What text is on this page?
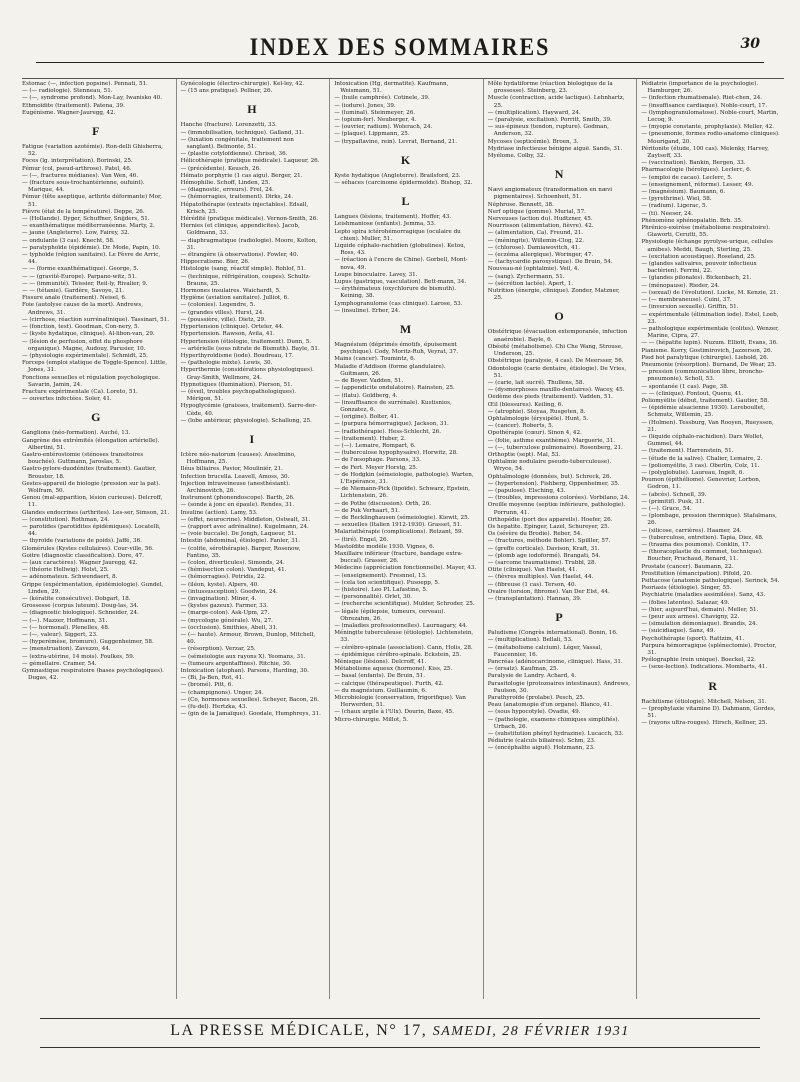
INDEX DES SOMMAIRES	30
Estomac (—, infection popsine). Pennati, 51.
— (— radiologie). Stenneau, 51.
— (—, syndrome profond). Mon-Lay, Iwanisko 40.
Ethmoïdite (traitement). Patena, 39.
Eugénisme. Wagner-Jauregg, 42.
F
Fatigue (variation azotémie). Ron-delli Ghisberra, 52.
Foces (lg. interprétation). Borinski, 25.
Fémur (col, pseud-arthrose). Patel, 46.
— (—, fractures médianes). Van Wen, 46.
— (fracture sous-trochantérienne, oufuint). Marique, 44.
Fémur (tête aseptique, arthrite déformante) Mor, 51.
Fièvre (état de la température). Deppe, 26.
— (Hollande). Dyger, Schuffner, Snijders, 51.
— exanthématique méditerranéenne. Marty, 2.
— jaune (Angleterre). Low, Fairey, 32.
— ondulante (3 cas). Knecht, 58.
— paratyphoïde (épidémie). Dr. Mode, Papin, 10.
— typhoïde (région sanitaire). Le Fèvre de Arric, 44.
— — (forme exanthématique). George, 5.
— — (gravité-Europe). Parpano-witz, 51.
— — (immunité). Teissier, Reil-ly, Rivalier, 9.
— — (tétanie). Gardère, Savoye, 21.
Fissure anale (traitement). Neisel, 6.
Foie (autolyse cause de la mort). Andrews, Andrews, 31.
— (cirrhose, réaction surrénalinique). Tassinari, 51.
— (fonction, test). Goodman, Con-nery, 5.
— (kyste hydatique, clinique). Al-libon-van, 29.
— (lésion de perfusion, effet du phosphore organique). Magne, Audouy, Parusier, 10.
— (physiologie expérimentale). Schmidt, 25.
Forceps (emploi statique de Toggle-Spence). Little, Jones, 31.
Fonctions sexuelles et régulation psychologique. Savarin, Jamin, 24.
Fracture expérimentale (Ca). Loreto, 51.
— ouvertes infectées. Soler, 41.
G
Ganglions (néo-formation). Auché, 13.
Gangrène des extrémités (élongation artérielle). Albertini, 51.
Gastro-entérostomie (sténoses transitoires bouchée). Guttmann, Jaroslas, 5.
Gastro-pylore-duodénites (traitement). Gautier, Brouster, 18.
Gestes-appareil de biologie (pression sur la pat). Wolfram, 50.
Genou (mal-apparition, lésion curieuse). Delcroff, 11.
Glandes endocrines (arthrites). Les-ser, Simson, 21.
— (constitution). Rothman, 24.
— parotides (parotidites épidémiques). Locatelli, 44.
— thyroïde (variations de poids). Jaffé, 36.
Glomérules (Kystes cellulaires). Cour-ville, 56.
Goitre (diagnostic classification). Dore, 47.
— (aux caractères). Wagner Jauregg, 42.
— (théorie Hellwig). Holst, 25.
— adénomateux. Schwendaert, 8.
Grippe (expérimentation, épidémiologie). Gundel, Linden, 29.
— (kératite consécutive). Dobgart, 18.
Grossesse (corpus luteum). Doug-las, 34.
— (diagnostic biologique). Schneider, 24.
— (—). Mazzer, Hoffmann, 31.
— (— hormonal). Plenelles, 48.
— (—, valeur). Siggert, 23.
— (hyperémèse, bromure). Guggenheimer, 58.
— (menstruation). Zavezzo, 44.
— (extra-utérine, 14 mois). Foulkes, 59.
— gémellaire. Cramer, 54.
Gymnastique respiratoire (bases psychologiques). Dugas, 42.
Gynécologie (électro-chirurgie). Kel-ley, 42.
— (15 ans pratique). Pellner, 26.
H
Hanche (fracture). Lorenzetti, 33.
— (immobilisation, technique). Galland, 31.
— (luxation congénitale, traitement non sanglant). Belmonte, 51.
— (plastie cotyloïdienne). Chrisst, 36.
Hélicothérapie (pratique médicale). Laqueur, 26.
— (précédente). Keusch, 26.
Hémato porphyrie (1 cas aigu). Berger, 21.
Hémophilie. Schoff, Linden, 25.
— (diagnostic, erreurs). Frel, 24.
— (hémorragies, traitement). Dirks, 24.
Hépatothérapie (extraits injectables). Edsall, Krisch, 25.
Hérédité (pratique médicale). Vernon-Smith, 26.
Hernies (et clinique, appendicites). Jacob, Goldmann, 33.
— diaphragmatique (radiologie). Moore, Kolton, 31.
— étrangère (à observations). Fowler, 40.
Hippocratisme. Bier, 26.
Histologie (sang, réactif simple). Rohlof, 51.
— (technique, réfrigération, coupes). Schultz-Brauns, 25.
Hormones insulaires. Waichardt, 5.
Hygiène (aviation sanitaire). Julliot, 6.
— (colonies). Legendre, 5.
— (grandes villes). Hurst, 24.
— (poussière, ville). Dietz, 29.
Hypertension (clinique). Orteler, 44.
Hypertension. Rawson, Avila, 41.
Hypertension (étiologie, traitement). Dunn, 5.
— artérielle (sous nitrate de Bismuth). Bayle, 51.
Hyperthyroïdisme (iode). Boudreau, 17.
— (pathologie mixte). Lewis, 30.
Hyperthermie (considérations physiologiques). Gray-Smith, Wellmore, 24.
Hypnotiques (flumination). Pierson, 51.
— (éveil, troubles psychopathologiques). Mérigon, 51.
Hypoglycémie (graisses, traitement). Sarre-der-Cède, 40.
— (lobe antérieur, physiologie). Schallong, 25.
I
Ictère néo-natorum (causes). Anselmino, Hoffmann, 25.
Iléus biliaires. Pavior, Mouliniér, 21.
Infection brucella. Leavell, Amoss, 30.
Injection intraveineuse (anesthésiant). Archinovitch, 26.
Instrument (phonendoscope). Barth, 26.
— (sonde à jonc en épaule). Rendes, 31.
Insuline (action). Lamy, 53.
— (effet, neurocrine). Middleton, Ostwalt, 31.
— (rapport avec adrénaline). Kugelmann, 24.
— (voie buccale). De Jongh, Laqueur, 51.
Intestin (abdominal, étiologie). Fanler, 31.
— (colite, sérothérapie). Barger, Rosenow, Fantino, 35.
— (colon, diverticules). Simonds, 24.
— (hémisection colon). Vandeput, 41.
— (hémorragies). Petridis, 22.
— (iléon, kyste). Alpers, 40.
— (intussusception). Goodwin, 24.
— (invagination). Miner, 4.
— (kystes gazeux). Farmer, 33.
— (marge-colon). Ask-Upm, 27.
— (mycologie générale). Wu, 27.
— (occlusion). Smithies, Abell, 31.
— (— haute). Armour, Brown, Dunlop, Mitchell, 40.
— (résorption). Verzar, 25.
— (sémeiologie aux rayons X). Yeomans, 31.
— (tumeurs argentaffines). Ritchie, 30.
Intoxication (atophan). Parsons, Harding, 30.
— (Bi, Ja-Ben, Rot, 41.
— (bromé). Pitt, 6.
— (champignons). Unger, 24.
— (Co, hormones sexuelles). Scheyer, Bacon, 26.
— (fu-del). Hertzka, 43.
— (gin de la Jamaïque). Goodale, Humphreys, 31.
Intoxication (Hg, dermatite). Kaufmann, Weismann, 51.
— (huile camphrée). Cotinele, 39.
— (iodure). Jones, 39.
— (luminal). Steinmeyer, 26.
— (opium-fer). Neuberger, 4.
— (ouvrier, radium). Wolerach, 24.
— (plaque). Lippmann, 25.
— (trypaflavine, rein). Levrat, Bernand, 21.
K
Kyste hydatique (Angleterre). Brailsford, 23.
— séhaces (carcinome épidermoïde). Bishop, 32.
L
Langues (lésions, traitement). Hoffer, 43.
Leishmaniose (enfants). Jemma, 53.
Lepto spira ictérohémorragique (oculaire du chien). Muller, 51.
Liquide céphalo-rachidien (globulines). Ketou, Ross, 43.
— (réaction à l'encre de Chine). Gorbell, Mont-nova, 49.
Loupe binoculaire. Lavey, 31.
Lupus (gastrique, vasculation). Bett-mann, 34.
— érythémateux (oxychlorure de bismuth). Keining, 38.
Lymphogranulome (cas clinique). Larose, 53.
— (insuline). Erber, 24.
M
Magnésium (déprimés émotifs, épuisement psychique). Cody, Moritz-Ruh, Veyrat, 37.
Mains (cancer). Toumintz, 6.
Maladie d'Addison (forme glandulaire). Guitmann, 26.
— de Boyer. Vadden, 51.
— (appendicite ondulatoire). Rainsten, 25.
— (flatu). Goldberg, 4.
— (insuffisance de surrénale). Kustisnios, Gonzatez, 6.
— (origine). Bolter, 41.
— (purpura hémorragique). Jackson, 31.
— (radiothérapie). Hess-Schlecht, 26.
— (traitement). Huber, 2.
— (—). Lemaire, Rompart, 6.
— (tuberculose hypophysaire). Horwitz, 28.
— de l'œsophage. Parsons, 33.
— de Fert. Meyer Horstg, 25.
— de Hodgkin (sémeiologie, pathologie). Warten, L'Espérance, 31.
— de Niemann-Pick (lipoïde). Schwarz, Epstein, Lichtenstein, 26.
— de Pothe (discussion). Orth, 26.
— de Puk Verhaart, 51.
— de Recklinghausen (sémeiologie). Kiewit, 25.
— sexuelles (Italien 1912-1930). Grasset, 51.
Malariathérapie (complications). Retzant, 59.
— (tiré). Engel, 26.
Mastoïdite modèle 1930. Vignes, 6.
Maxillaire inférieur (fracture, bandage extra-buccal). Grasser, 26.
Médecine (appréciation fonctionnelle). Mayer, 43.
— (enseignement). Fresnnel, 13.
— (cela ton scientifique). Pusoepp, 5.
— (histoire). Leo PL Lafastine, 5.
— (personnalité). Orlet, 30.
— (recherche scientifique). Mulder, Schroder, 25.
— légale (épilepsie, tumeurs, cerveau). Obrezahm, 26.
— (maladies professionnelles). Laurnagary, 44.
Méningite tuberculeuse (étiologie). Lichtenstein, 33.
— cérébro-spinale (association). Cann, Holis, 28.
— épidémique cérébro-spinale. Eckstein, 25.
Ménisque (lésions). Delcroff, 41.
Métabolisme aqueux (hormone). Kiss, 25.
— basal (enfants). De Bruin, 51.
— calcique (thérapeutique). Furth, 42.
— du magnésium. Guillaumin, 6.
Microbiologie (conservation, frigorifique). Van Herwerden, 51.
— (chaux argile à l'Ulx). Dourin, Baxe, 45.
Micro-chirurgie. Millot, 5.
Môle hydatiforme (réaction biologique de la grossesse). Steinberg, 23.
Muscle (contraction, acide lactique). Lehnhartz, 25.
— (multiplication). Hayward, 24.
— (paralysie, excitation). Porritt, Smith, 39.
— sus-épineux (tendon, rupture). Godman, Anderson, 32.
Mycoses (septicémie). Broen, 3.
Mydriase infectieuse bénigne aiguë. Sands, 31.
Myélome. Colby, 32.
N
Nævi angiomateux (transformation en nævi pigmentaires). Schoenheit, 51.
Néphrose. Bennett, 38.
Nerf optique (gomme). Murial, 57.
Nerveuses (action du). Hudtzner, 45.
Nourrisson (alimentation, fièvre). 42.
— (alimentation, Ca). Freund, 21.
— (méningite). Willemin-Clog, 22.
— (chlorose). Damiawovitch, 41.
— (eczéma allergique). Woringer, 47.
— (tachycardie paroxystique). De Bruin, 54.
Nouveau-né (ophtalmie). Veil, 4.
— (sang). Zychermann, 51.
— (sécrétion lactée). Apert, 1.
Nutrition (énergie, clinique). Zonder, Matzner, 25.
O
Obstétrique (évacuation extemporanée, infection anaérobie). Bayle, 6.
Obésité (métabolisme). Chi Che Wang, Strouse, Underson, 25.
Obstétrique (paralysie, 4 cas). De Meersser, 56.
Odontologie (carie dentaire, étiologie). De Vries, 51.
— (carie, lait sucré). Thullens, 58.
— (dysmorphoses maxillo-dentaires). Wacey, 45.
Oedème des pieds (traitement). Vadden, 51.
Œil (blessures). Keiling, 6.
— (atrophie). Stoyaa, Rusgeten, 8.
Ophtalmologie (érysipèle). Hunt, 5.
— (cancer). Roberts, 5.
Opothérapie (cœur). Sinon 4, 42.
— (folie, asthme exanthème). Marguerie, 31.
— (—, tuberculose pulmonaire). Rosenberg, 21.
Orthoptie (sept). Mal, 53.
Ophtalmie nodulaire pseudo-tuberculeuse). Wryce, 54.
Ophtalmologie (données, but). Schreck, 26.
— (hypertension). Fishberg, Oppenheimer, 35.
— (papulose). Elsching, 43.
— (troubles, impressions colorées). Vorbilano, 24.
Oreille moyenne (septiœ inférieure, pathologie). Porrunn, 41.
Orthopédie (port des appareils). Hoefer, 26.
Os hepatite. Epinger, Lazel, Schureyer, 25.
Os (sévère du Brodie). Reber, 54.
— (fractures, méthode Bohler). Spilller, 57.
— (greffe corticale). Davison, Kraft, 31.
— (plomb age iodoformé). Brangati, 54.
— (sarcome traumatisme). Trubbl, 28.
Otite (clinique). Van Haelst, 41.
— (fièvres multiples). Van Haelst, 44.
— (fibreuse (1 cas). Terson, 40.
Ovaire (torsion, fibrome). Van Der Elst, 44.
— (transplantation). Hannan, 39.
P
Paludisme (Congrès international). Bonin, 16.
— (multiplication). Bellali, 53.
— (métabolisme calcium). Léger, Vassal, Faucennier, 16.
Pancréas (adénocarcinome, clinique). Hass, 31.
— (ersatz). Kaufman, 25.
Paralysie de Landry. Achard, 4.
Parasitologie (protozoaires intestinaux). Andrews, Paulson, 30.
Parathyroïde (prolabe). Pesch, 25.
Peau (anatomopie d'un organe). Blanco, 41.
— (sous hypocotyle). Ovadie, 49.
— (pathologie, examens chimiques simplifiés). Urbach, 26.
— (substitution phényl hydrazine). Lucacch, 53.
Pédiatrie (calculs biliaires). Schm, 23.
— (encéphalite aiguë). Holzmann, 23.
Pédiatrie (importance de la psychologie). Hamburger, 26.
— (infection rhumatismale). Riet-chen, 24.
— (insuffisance cardiaque). Noble-court, 17.
— (lymphogranulomatose). Noble-court, Martin, Lecoq, 9.
— (myopie constante, prophylaxie). Meller, 42.
— (pneumonie, formes rodio-anatomo cliniques). Mourigand, 20.
Péritonite (étude, 100 cas). Melenky, Harvey, Zaytseff, 33.
— (vaccination). Bankin, Bergen, 33.
Pharmacologie (héroïques). Leclerc, 6.
— (emploi de cacao). Leclerc, 5.
— (enseignement, réforme). Lesser, 49.
— (magnésium). Baumann, 6.
— (pyrethrine). Wiel, 58.
— (radium). Ligerac, 5.
— (ti). Neeser, 24.
Phénomène sphénopalatin. Brb. 35.
Phrénico-exérèse (métabolisme respiratoire). Giaworti, Cerutti, 55.
Physiologie (échange pyrolyse-urique, cellules amibes). Meddi, Baugh, Sterling, 25.
— (excitation acoustique). Roseland, 25.
— (glandes salivaires, pouvoir infectieux bactérien). Ferrini, 22.
— (glandes pilonales). Bickenbach, 21.
— (ménopause). Rieder, 24.
— (sexual) de l'évolution). Lucke, M. Kenzie, 21.
— (— membraneuse). Cuini, 37.
— (inversion sexuelle). Griffin, 51.
— expérimentale (élimination iode). Estel, Loeb, 23.
— pathologique expérimentale (colites). Wenzer, Marine, Cipra, 27.
— — (hépatite lupin). Nuzum. Elliott, Evans, 36.
Pianisme. Korry, Gostimirovich, Jazzerson, 26.
Pied bot paralytique (chirurgie). Liebold, 26.
Pneumonie (résorption). Burnand, De Wear, 25.
— pression (communication libre, broncho-pneumonie). Scholl, 53.
— spontanée (1 cas). Page, 38.
— — (clinique). Fontout, Quenu, 41.
Poliomyélite (début, traitement). Gautier, 58.
— (épidémie alsacienne 1930). Lereboullet, Schmutz, Willemin, 25.
— (Holmen). Tessburg, Van Rooyen, Rueyssen, 21.
— (liquide céphalo-rachidien). Dars Wollet, Gummel, 44.
— (traitement). Harrenstein, 51.
— (étude de la salive). Chalier, Lemaire, 2.
— (poliomyélite, 3 cas). Oberlin, Colz, 11.
— (polyglobulie). Laureau, Ingelt, 6.
Poumon (épithéliome). Genevrier, Lorbon, Godron, 11.
— (abcès). Schnell, 39.
— (primitif). Pusk, 31.
— (—). Grace, 54.
— (plombage, pression thermique). Stafalmans, 26.
— (silicose, carrières). Haamer, 24.
— (tuberculose, entretien). Tapia, Diez, 48.
— (trauma des poumons). Conklin, 17.
— (thoracoplastie du cœmmet, technique). Boucher, Pruchaud, Renard, 11.
Prostate (cancer). Baumann, 22.
Prostitution (émancipation). Pifold, 20.
Psittacose (anatomie pathologique). Serinck, 54.
Psoriasis (étiologie). Singer, 55.
Psychiatrie (maladies assimilées). Sanz, 43.
— (folies latentes). Salazar, 49.
— (hier, aujourd'hui, demain). Meller, 51.
— (peur aux armes). Chavigny, 22.
— (simulation démoniaque). Brandis, 24.
— (suicidiaque). Sanz, 49.
Psychothérapie (sport). Rattzim, 41.
Purpura hémorragique (splénectomie). Proctor, 31.
Pyélographie (rein unique). Boeckel, 22.
— (sexe-lection). Indications. Mombarts, 41.
R
Rachitisme (étiologie). Mitchell, Nelson, 31.
— (prophylaxie vitamine D). Dahmann, Gordes, 51.
— (rayons ultra-rouges). Hirsch, Kellner, 25.
LA PRESSE MÉDICALE, N° 17, SAMEDI, 28 FÉVRIER 1931
